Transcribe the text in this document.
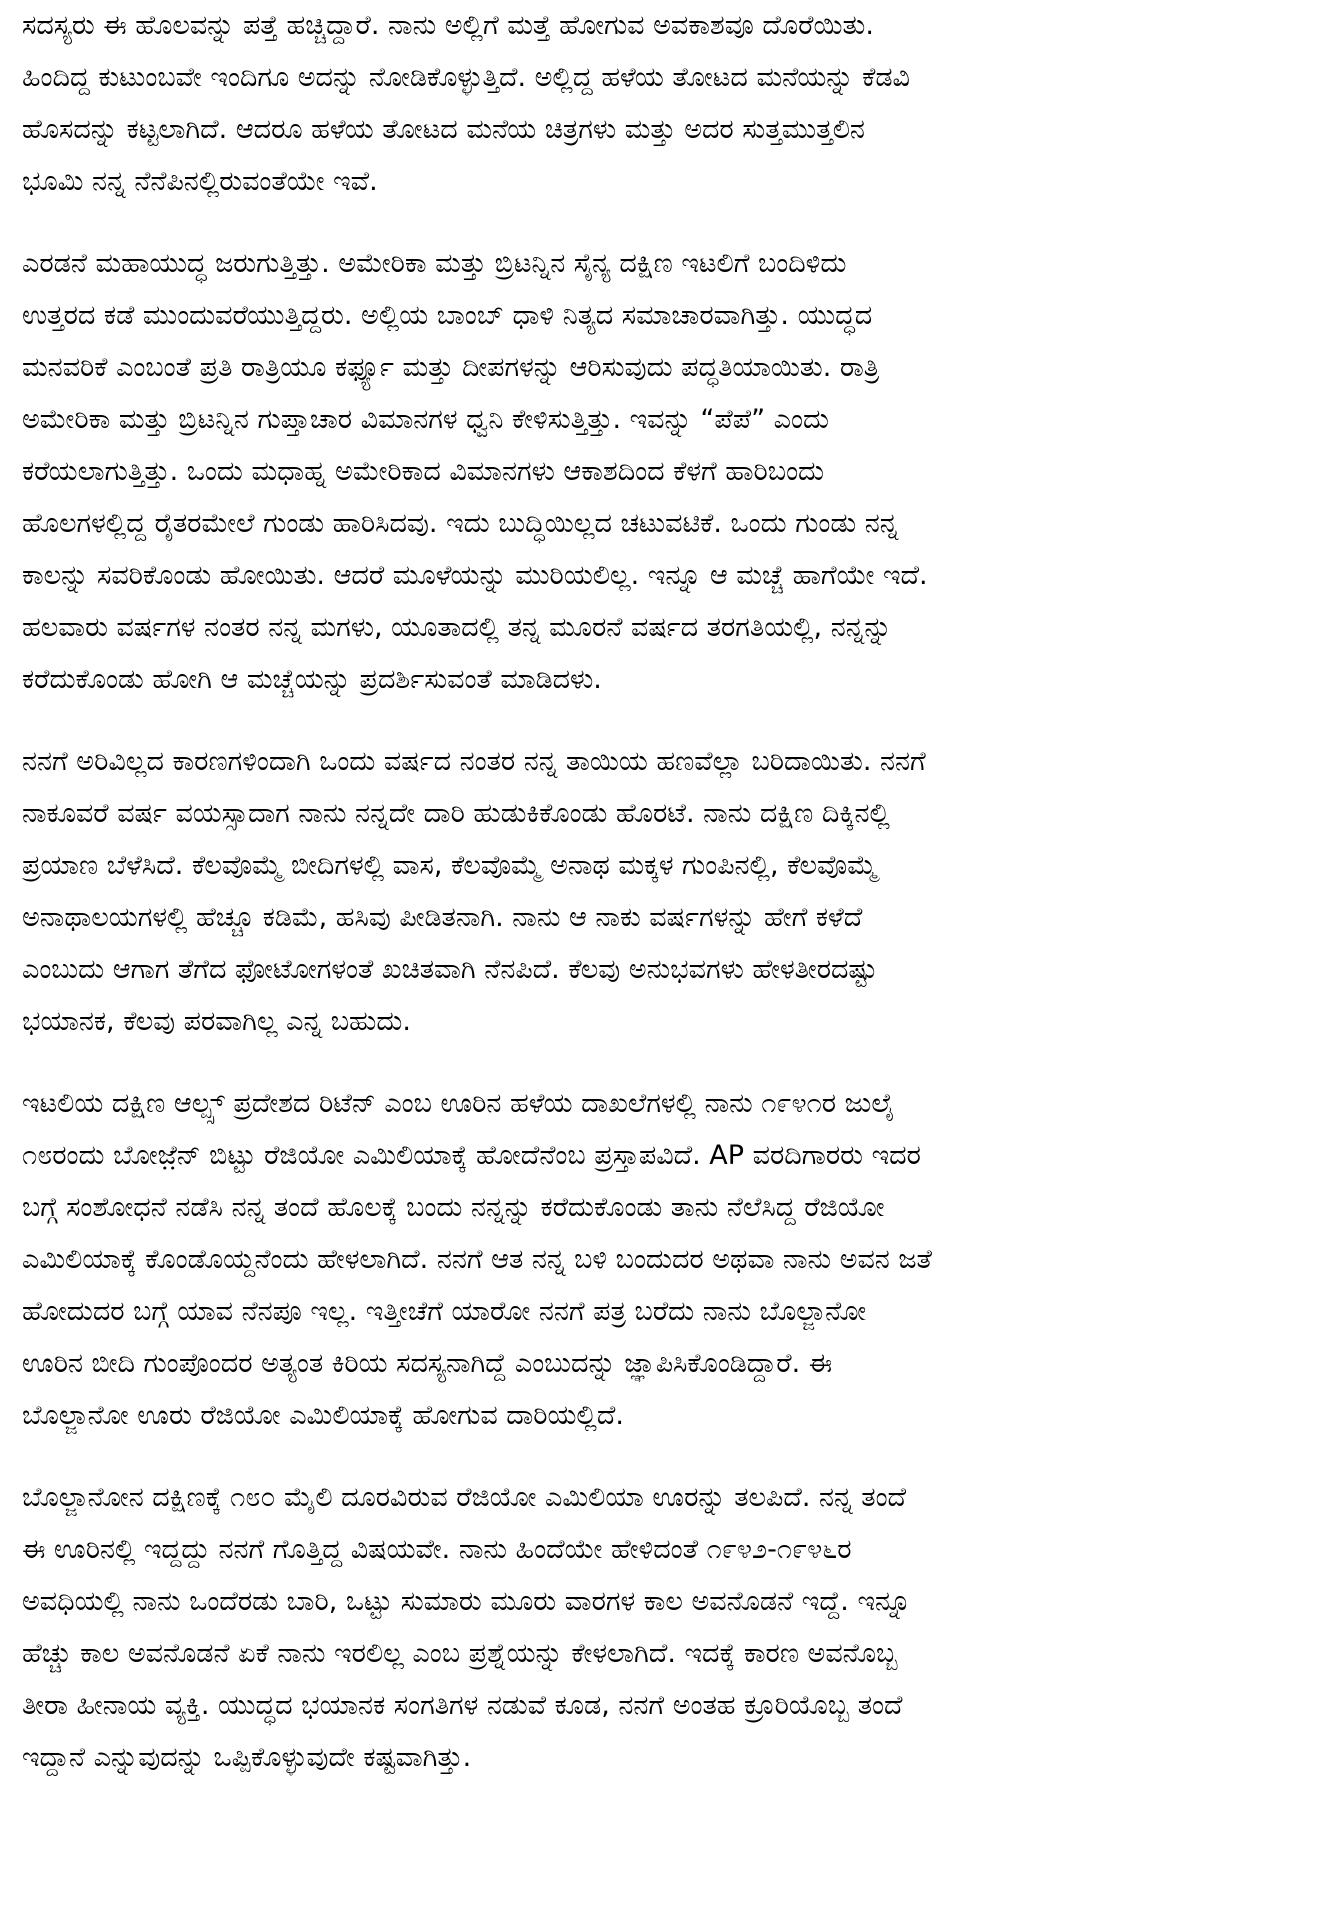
ಸದಸ್ಯರು ಈ ಹೊಲವನ್ನು ಪತ್ತೆ ಹಚ್ಚಿದ್ದಾರೆ. ನಾನು ಅಲ್ಲಿಗೆ ಮತ್ತೆ ಹೋಗುವ ಅವಕಾಶವೂ ದೊರೆಯಿತು.
ಹಿಂದಿದ್ದ ಕುಟುಂಬವೇ ಇಂದಿಗೂ ಅದನ್ನು ನೋಡಿಕೊಳ್ಳುತ್ತಿದೆ. ಅಲ್ಲಿದ್ದ ಹಳೆಯ ತೋಟದ ಮನೆಯನ್ನು ಕೆಡವಿ
ಹೊಸದನ್ನು ಕಟ್ಟಲಾಗಿದೆ. ಆದರೂ ಹಳೆಯ ತೋಟದ ಮನೆಯ ಚಿತ್ರಗಳು ಮತ್ತು ಅದರ ಸುತ್ತಮುತ್ತಲಿನ
ಭೂಮಿ ನನ್ನ ನೆನೆಪಿನಲ್ಲಿರುವಂತೆಯೇ ಇವೆ.
ಎರಡನೆ ಮಹಾಯುದ್ಧ ಜರುಗುತ್ತಿತ್ತು. ಅಮೇರಿಕಾ ಮತ್ತು ಬ್ರಿಟನ್ನಿನ ಸೈನ್ಯ ದಕ್ಷಿಣ ಇಟಲಿಗೆ ಬಂದಿಳಿದು
ಉತ್ತರದ ಕಡೆ ಮುಂದುವರೆಯುತ್ತಿದ್ದರು. ಅಲ್ಲಿಯ ಬಾಂಬ್ ಧಾಳಿ ನಿತ್ಯದ ಸಮಾಚಾರವಾಗಿತ್ತು. ಯುದ್ಧದ
ಮನವರಿಕೆ ಎಂಬಂತೆ ಪ್ರತಿ ರಾತ್ರಿಯೂ ಕರ್ಫ್ಯೂ ಮತ್ತು ದೀಪಗಳನ್ನು ಆರಿಸುವುದು ಪದ್ಧತಿಯಾಯಿತು. ರಾತ್ರಿ
ಅಮೇರಿಕಾ ಮತ್ತು ಬ್ರಿಟನ್ನಿನ ಗುಪ್ತಾಚಾರ ವಿಮಾನಗಳ ಧ್ವನಿ ಕೇಳಿಸುತ್ತಿತ್ತು. ಇವನ್ನು “ಪೆಪೆ” ಎಂದು
ಕರೆಯಲಾಗುತ್ತಿತ್ತು. ಒಂದು ಮಧಾಹ್ನ ಅಮೇರಿಕಾದ ವಿಮಾನಗಳು ಆಕಾಶದಿಂದ ಕೆಳಗೆ ಹಾರಿಬಂದು
ಹೊಲಗಳಲ್ಲಿದ್ದ ರೈತರಮೇಲೆ ಗುಂಡು ಹಾರಿಸಿದವು. ಇದು ಬುದ್ಧಿಯಿಲ್ಲದ ಚಟುವಟಿಕೆ. ಒಂದು ಗುಂಡು ನನ್ನ
ಕಾಲನ್ನು ಸವರಿಕೊಂಡು ಹೋಯಿತು. ಆದರೆ ಮೂಳೆಯನ್ನು ಮುರಿಯಲಿಲ್ಲ. ಇನ್ನೂ ಆ ಮಚ್ಚೆ ಹಾಗೆಯೇ ಇದೆ.
ಹಲವಾರು ವರ್ಷಗಳ ನಂತರ ನನ್ನ ಮಗಳು, ಯೂತಾದಲ್ಲಿ ತನ್ನ ಮೂರನೆ ವರ್ಷದ ತರಗತಿಯಲ್ಲಿ, ನನ್ನನ್ನು
ಕರೆದುಕೊಂಡು ಹೋಗಿ ಆ ಮಚ್ಚೆಯನ್ನು ಪ್ರದರ್ಶಿಸುವಂತೆ ಮಾಡಿದಳು.
ನನಗೆ ಅರಿವಿಲ್ಲದ ಕಾರಣಗಳಿಂದಾಗಿ ಒಂದು ವರ್ಷದ ನಂತರ ನನ್ನ ತಾಯಿಯ ಹಣವೆಲ್ಲಾ ಬರಿದಾಯಿತು. ನನಗೆ
ನಾಕೂವರೆ ವರ್ಷ ವಯಸ್ಸಾದಾಗ ನಾನು ನನ್ನದೇ ದಾರಿ ಹುಡುಕಿಕೊಂಡು ಹೊರಟೆ. ನಾನು ದಕ್ಷಿಣ ದಿಕ್ಕಿನಲ್ಲಿ
ಪ್ರಯಾಣ ಬೆಳೆಸಿದೆ. ಕೆಲವೊಮ್ಮೆ ಬೀದಿಗಳಲ್ಲಿ ವಾಸ, ಕೆಲವೊಮ್ಮೆ ಅನಾಥ ಮಕ್ಕಳ ಗುಂಪಿನಲ್ಲಿ, ಕೆಲವೊಮ್ಮೆ
ಅನಾಥಾಲಯಗಳಲ್ಲಿ ಹೆಚ್ಚೂ ಕಡಿಮೆ, ಹಸಿವು ಪೀಡಿತನಾಗಿ. ನಾನು ಆ ನಾಕು ವರ್ಷಗಳನ್ನು ಹೇಗೆ ಕಳೆದೆ
ಎಂಬುದು ಆಗಾಗ ತೆಗೆದ ಫೋಟೋಗಳಂತೆ ಖಚಿತವಾಗಿ ನೆನಪಿದೆ. ಕೆಲವು ಅನುಭವಗಳು ಹೇಳತೀರದಷ್ಟು
ಭಯಾನಕ, ಕೆಲವು ಪರವಾಗಿಲ್ಲ ಎನ್ನ ಬಹುದು.
ಇಟಲಿಯ ದಕ್ಷಿಣ ಆಲ್ಪ್ಸ್ ಪ್ರದೇಶದ ರಿಟೆನ್ ಎಂಬ ಊರಿನ ಹಳೆಯ ದಾಖಲೆಗಳಲ್ಲಿ ನಾನು ೧೯೪೧ರ ಜುಲೈ
೧೮ರಂದು ಬೋಜ಼ೆನ್ ಬಿಟ್ಟು ರೆಜಿಯೋ ಎಮಿಲಿಯಾಕ್ಕೆ ಹೋದೆನೆಂಬ ಪ್ರಸ್ತಾಪವಿದೆ. AP ವರದಿಗಾರರು ಇದರ
ಬಗ್ಗೆ ಸಂಶೋಧನೆ ನಡೆಸಿ ನನ್ನ ತಂದೆ ಹೊಲಕ್ಕೆ ಬಂದು ನನ್ನನ್ನು ಕರೆದುಕೊಂಡು ತಾನು ನೆಲೆಸಿದ್ದ ರೆಜಿಯೋ
ಎಮಿಲಿಯಾಕ್ಕೆ ಕೊಂಡೊಯ್ದನೆಂದು ಹೇಳಲಾಗಿದೆ. ನನಗೆ ಆತ ನನ್ನ ಬಳಿ ಬಂದುದರ ಅಥವಾ ನಾನು ಅವನ ಜತೆ
ಹೋದುದರ ಬಗ್ಗೆ ಯಾವ ನೆನಪೂ ಇಲ್ಲ. ಇತ್ತೀಚೆಗೆ ಯಾರೋ ನನಗೆ ಪತ್ರ ಬರೆದು ನಾನು ಬೊಲ್ಜಾನೋ
ಊರಿನ ಬೀದಿ ಗುಂಪೊಂದರ ಅತ್ಯಂತ ಕಿರಿಯ ಸದಸ್ಯನಾಗಿದ್ದೆ ಎಂಬುದನ್ನು ಜ್ಞಾಪಿಸಿಕೊಂಡಿದ್ದಾರೆ. ಈ
ಬೊಲ್ಜಾನೋ ಊರು ರೆಜಿಯೋ ಎಮಿಲಿಯಾಕ್ಕೆ ಹೋಗುವ ದಾರಿಯಲ್ಲಿದೆ.
ಬೊಲ್ಜಾನೋನ ದಕ್ಷಿಣಕ್ಕೆ ೧೮೦ ಮೈಲಿ ದೂರವಿರುವ ರೆಜಿಯೋ ಎಮಿಲಿಯಾ ಊರನ್ನು ತಲಪಿದೆ. ನನ್ನ ತಂದೆ
ಈ ಊರಿನಲ್ಲಿ ಇದ್ದದ್ದು ನನಗೆ ಗೊತ್ತಿದ್ದ ವಿಷಯವೇ. ನಾನು ಹಿಂದೆಯೇ ಹೇಳಿದಂತೆ ೧೯೪೨-೧೯೪೬ರ
ಅವಧಿಯಲ್ಲಿ ನಾನು ಒಂದೆರಡು ಬಾರಿ, ಒಟ್ಟು ಸುಮಾರು ಮೂರು ವಾರಗಳ ಕಾಲ ಅವನೊಡನೆ ಇದ್ದೆ. ಇನ್ನೂ
ಹೆಚ್ಚು ಕಾಲ ಅವನೊಡನೆ ಏಕೆ ನಾನು ಇರಲಿಲ್ಲ ಎಂಬ ಪ್ರಶ್ನೆಯನ್ನು ಕೇಳಲಾಗಿದೆ. ಇದಕ್ಕೆ ಕಾರಣ ಅವನೊಬ್ಬ
ತೀರಾ ಹೀನಾಯ ವ್ಯಕ್ತಿ. ಯುದ್ಧದ ಭಯಾನಕ ಸಂಗತಿಗಳ ನಡುವೆ ಕೂಡ, ನನಗೆ ಅಂತಹ ಕ್ರೂರಿಯೊಬ್ಬ ತಂದೆ
ಇದ್ದಾನೆ ಎನ್ನುವುದನ್ನು ಒಪ್ಪಿಕೊಳ್ಳುವುದೇ ಕಷ್ಟವಾಗಿತ್ತು.
